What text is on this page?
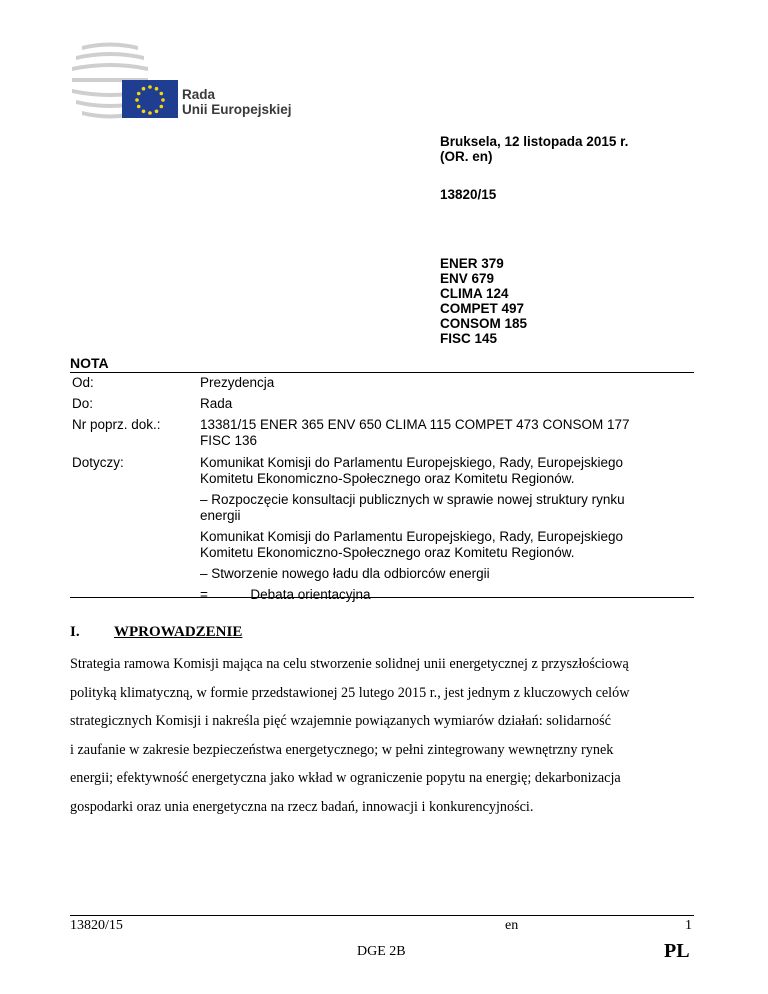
Rada
Unii Europejskiej
Bruksela, 12 listopada 2015 r.
(OR. en)
13820/15
ENER 379
ENV 679
CLIMA 124
COMPET 497
CONSOM 185
FISC 145
NOTA
Od:	Prezydencja
Do:	Rada
Nr poprz. dok.:	13381/15 ENER 365 ENV 650 CLIMA 115 COMPET 473 CONSOM 177
FISC 136
Dotyczy:	Komunikat Komisji do Parlamentu Europejskiego, Rady, Europejskiego
Komitetu Ekonomiczno-Społecznego oraz Komitetu Regionów.
– Rozpoczęcie konsultacji publicznych w sprawie nowej struktury rynku
energii
Komunikat Komisji do Parlamentu Europejskiego, Rady, Europejskiego
Komitetu Ekonomiczno-Społecznego oraz Komitetu Regionów.
– Stworzenie nowego ładu dla odbiorców energii
=	Debata orientacyjna
I. WPROWADZENIE
Strategia ramowa Komisji mająca na celu stworzenie solidnej unii energetycznej z przyszłościową
polityką klimatyczną, w formie przedstawionej 25 lutego 2015 r., jest jednym z kluczowych celów
strategicznych Komisji i nakreśla pięć wzajemnie powiązanych wymiarów działań: solidarność
i zaufanie w zakresie bezpieczeństwa energetycznego; w pełni zintegrowany wewnętrzny rynek
energii; efektywność energetyczna jako wkład w ograniczenie popytu na energię; dekarbonizacja
gospodarki oraz unia energetyczna na rzecz badań, innowacji i konkurencyjności.
13820/15	en	1
DGE 2B	PL
